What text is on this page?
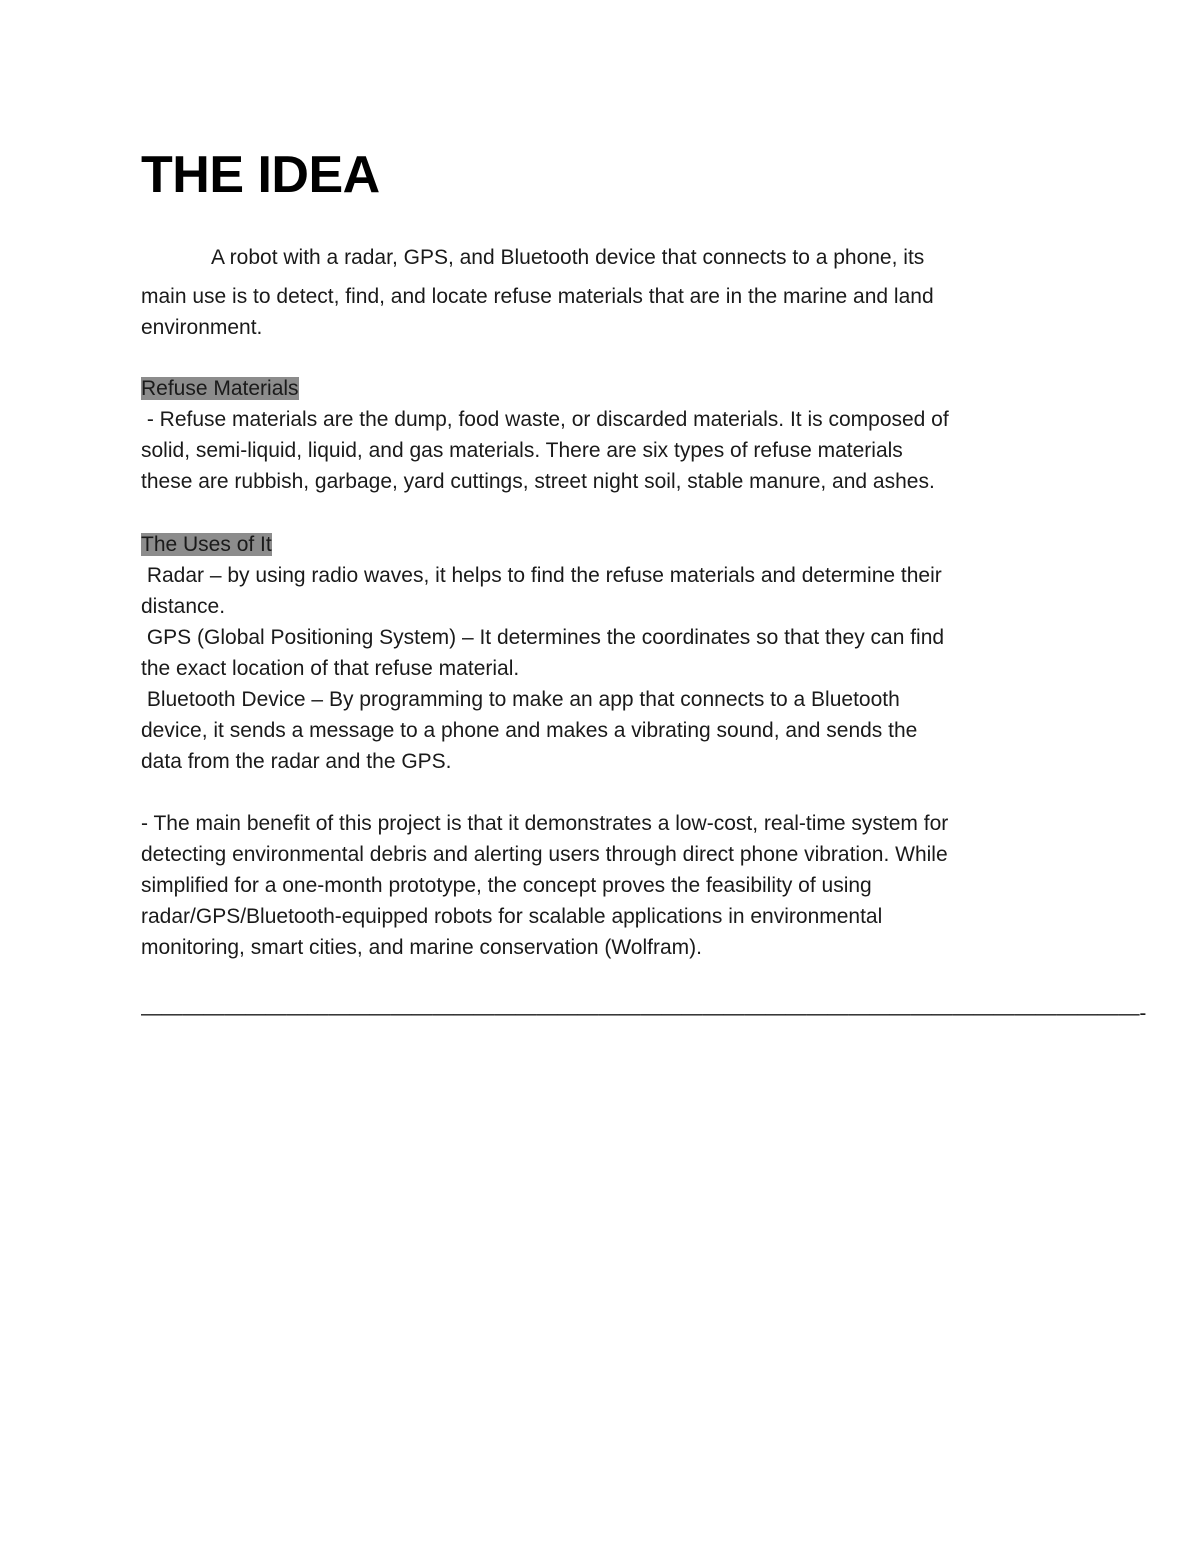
THE IDEA
A robot with a radar, GPS, and Bluetooth device that connects to a phone, its
main use is to detect, find, and locate refuse materials that are in the marine and land
environment.
Refuse Materials
- Refuse materials are the dump, food waste, or discarded materials. It is composed of
solid, semi-liquid, liquid, and gas materials. There are six types of refuse materials
these are rubbish, garbage, yard cuttings, street night soil, stable manure, and ashes.
The Uses of It
Radar – by using radio waves, it helps to find the refuse materials and determine their
distance.
GPS (Global Positioning System) – It determines the coordinates so that they can find
the exact location of that refuse material.
Bluetooth Device – By programming to make an app that connects to a Bluetooth
device, it sends a message to a phone and makes a vibrating sound, and sends the
data from the radar and the GPS.
- The main benefit of this project is that it demonstrates a low-cost, real-time system for
detecting environmental debris and alerting users through direct phone vibration. While
simplified for a one-month prototype, the concept proves the feasibility of using
radar/GPS/Bluetooth-equipped robots for scalable applications in environmental
monitoring, smart cities, and marine conservation (Wolfram).
————————————————————————————————————————————————-
